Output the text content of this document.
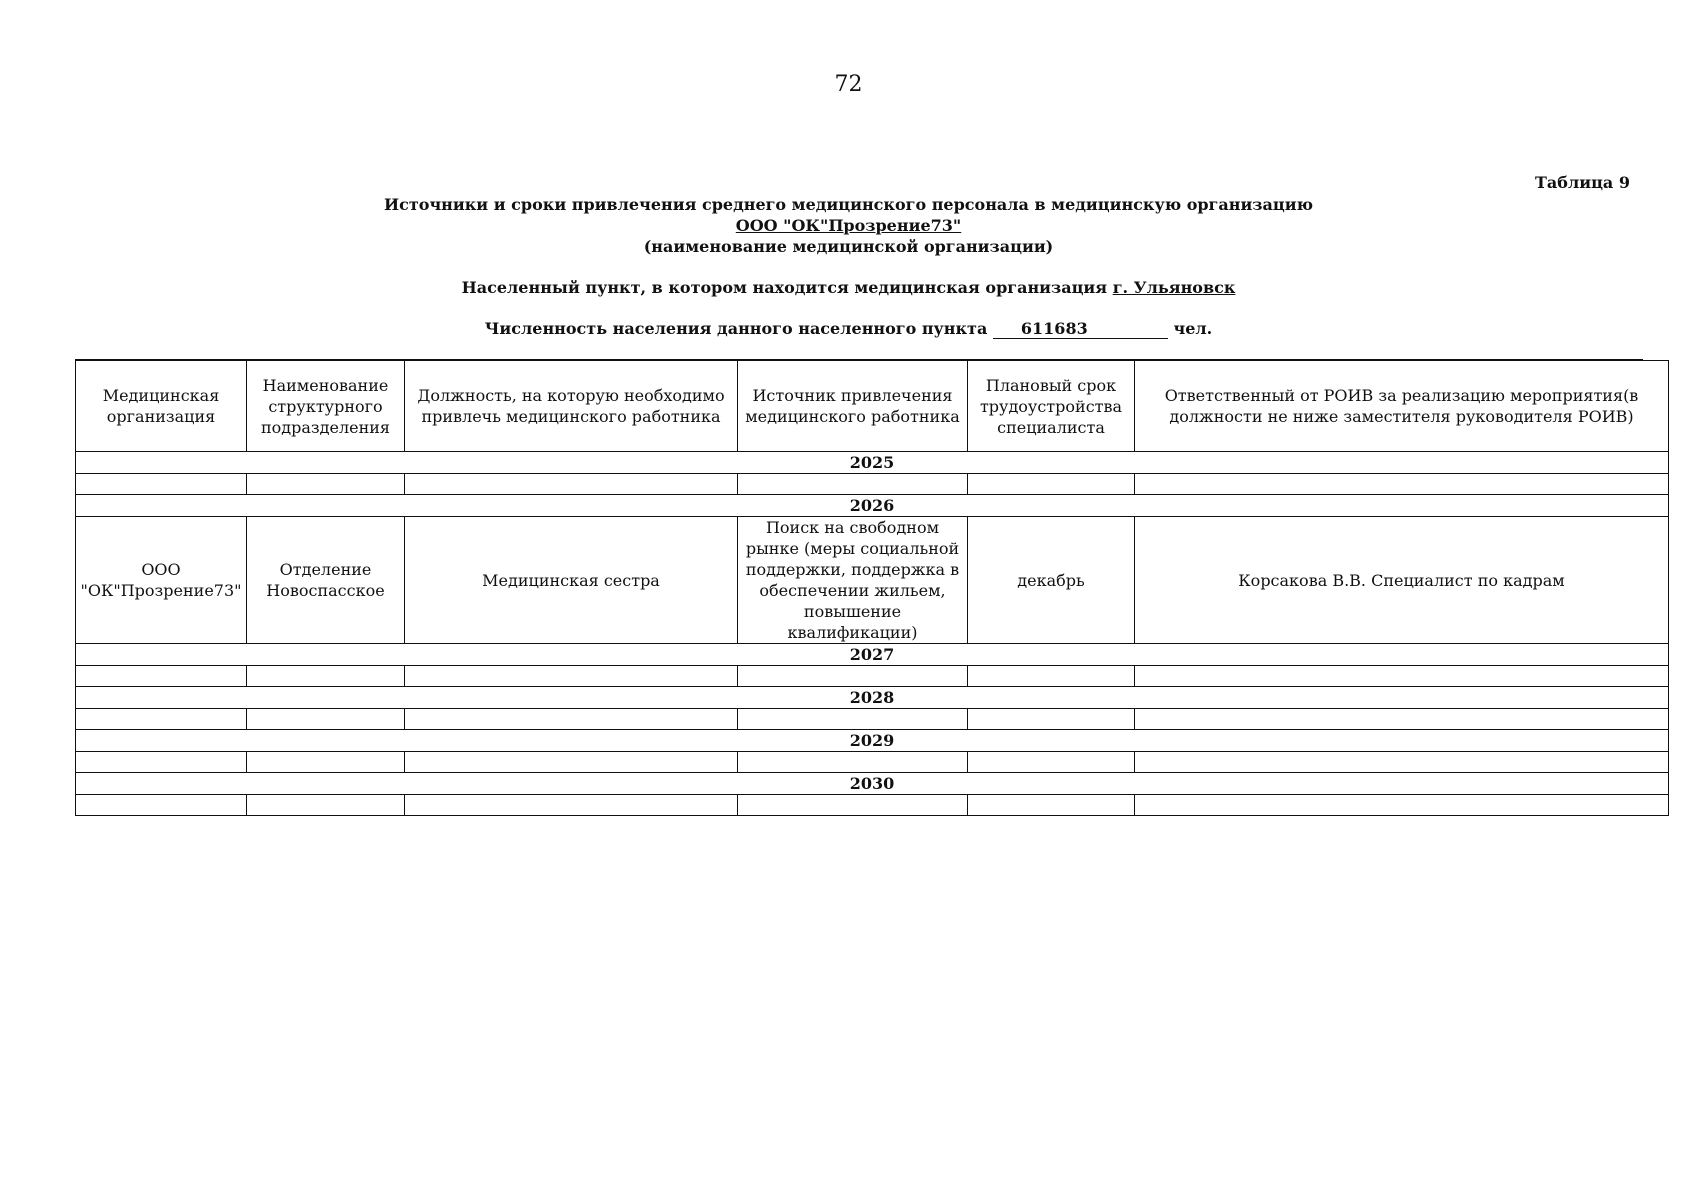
72
Таблица 9
Источники и сроки привлечения среднего медицинского персонала в медицинскую организацию
ООО "ОК"Прозрение73"
(наименование медицинской организации)
Населенный пункт, в котором находится медицинская организация г. Ульяновск
Численность населения данного населенного пункта 611683	чел.
Медицинская организация	Наименование структурного подразделения	Должность, на которую необходимо привлечь медицинского работника	Источник привлечения медицинского работника	Плановый срок трудоустройства специалиста	Ответственный от РОИВ за реализацию мероприятия(в должности не ниже заместителя руководителя РОИВ)
2025					

2026					
ООО "ОК"Прозрение73"	Отделение Новоспасское	Медицинская сестра	Поиск на свободном рынке (меры социальной поддержки, поддержка в обеспечении жильем, повышение квалификации)	декабрь	Корсакова В.В. Специалист по кадрам
2027					

2028					

2029					

2030					
